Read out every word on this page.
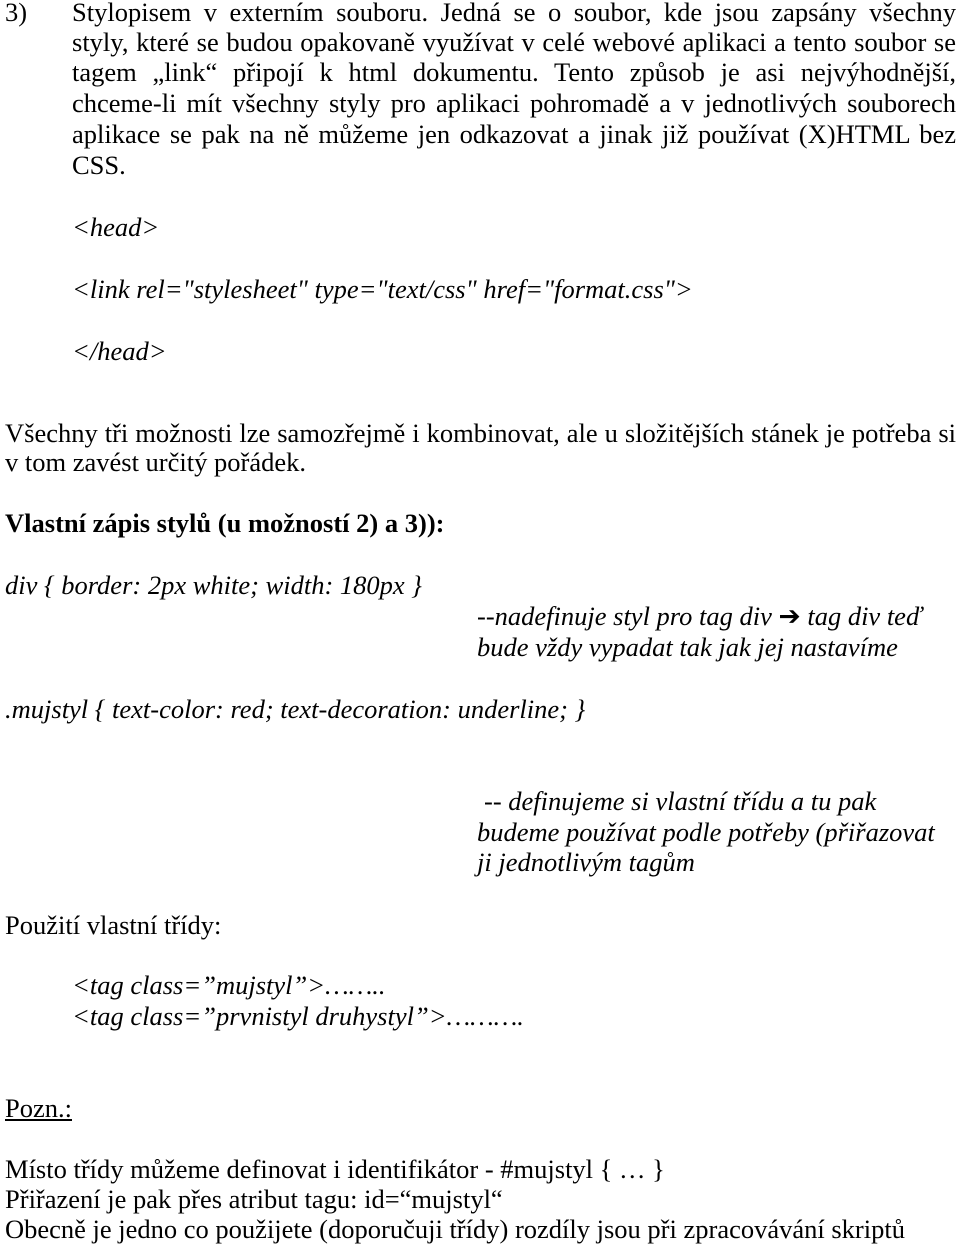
3) Stylopisem v externím souboru. Jedná se o soubor, kde jsou zapsány všechny
styly, které se budou opakovaně využívat v celé webové aplikaci a tento soubor se
tagem „link“ připojí k html dokumentu. Tento způsob je asi nejvýhodnější,
chceme-li mít všechny styly pro aplikaci pohromadě a v jednotlivých souborech
aplikace se pak na ně můžeme jen odkazovat a jinak již používat (X)HTML bez
CSS.
<head>
<link rel="stylesheet" type="text/css" href="format.css">
</head>
Všechny tři možnosti lze samozřejmě i kombinovat, ale u složitějších stánek je potřeba si
v tom zavést určitý pořádek.
Vlastní zápis stylů (u možností 2) a 3)):
div { border: 2px white; width: 180px }
--nadefinuje styl pro tag div ➔ tag div teď
bude vždy vypadat tak jak jej nastavíme
.mujstyl { text-color: red; text-decoration: underline; }
-- definujeme si vlastní třídu a tu pak
budeme používat podle potřeby (přiřazovat
ji jednotlivým tagům
Použití vlastní třídy:
<tag class=”mujstyl”>……..
<tag class=”prvnistyl druhystyl”>……….
Pozn.:
Místo třídy můžeme definovat i identifikátor - #mujstyl { … }
Přiřazení je pak přes atribut tagu: id=“mujstyl“
Obecně je jedno co použijete (doporučuji třídy) rozdíly jsou při zpracovávání skriptů
